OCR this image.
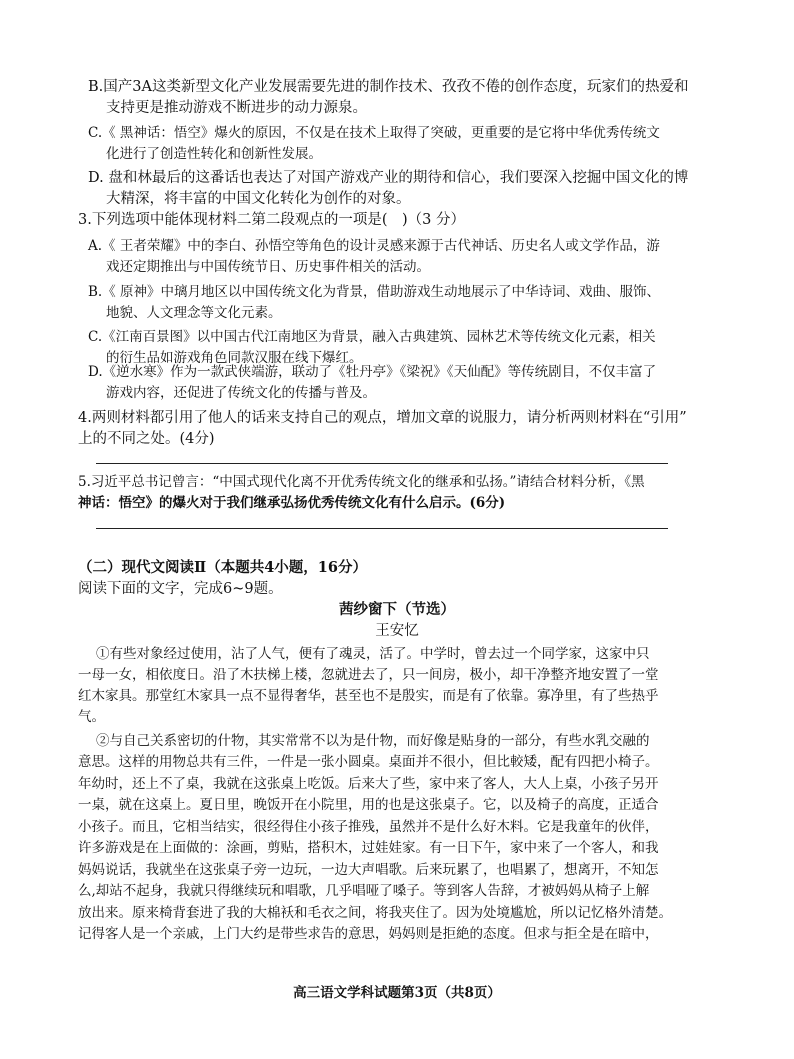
B.国产3A这类新型文化产业发展需要先进的制作技术、孜孜不倦的创作态度，玩家们的热爱和
支持更是推动游戏不断进步的动力源泉。
C.《 黑神话：悟空》爆火的原因，不仅是在技术上取得了突破，更重要的是它将中华优秀传统文
化进行了创造性转化和创新性发展。
D. 盘和林最后的这番话也表达了对国产游戏产业的期待和信心，我们要深入挖掘中国文化的博
大精深，将丰富的中国文化转化为创作的对象。
3.下列选项中能体现材料二第二段观点的一项是(　)（3 分）
A.《 王者荣耀》中的李白、孙悟空等角色的设计灵感来源于古代神话、历史名人或文学作品，游
戏还定期推出与中国传统节日、历史事件相关的活动。
B.《 原神》中璃月地区以中国传统文化为背景，借助游戏生动地展示了中华诗词、戏曲、服饰、
地貌、人文理念等文化元素。
C.《江南百景图》以中国古代江南地区为背景，融入古典建筑、园林艺术等传统文化元素，相关
的衍生品如游戏角色同款汉服在线下爆红。
D.《逆水寒》作为一款武侠端游，联动了《牡丹亭》《梁祝》《天仙配》等传统剧目，不仅丰富了
游戏内容，还促进了传统文化的传播与普及。
4.两则材料都引用了他人的话来支持自己的观点，增加文章的说服力，请分析两则材料在“引用”
上的不同之处。(4分)
5.习近平总书记曾言：“中国式现代化离不开优秀传统文化的继承和弘扬。”请结合材料分析，《黑
神话：悟空》的爆火对于我们继承弘扬优秀传统文化有什么启示。(6分)
（二）现代文阅读Ⅱ（本题共4小题，16分）
阅读下面的文字，完成6~9题。
茜纱窗下（节选）
王安忆
①有些对象经过使用，沾了人气，便有了魂灵，活了。中学时，曾去过一个同学家，这家中只
一母一女，相依度日。沿了木扶梯上楼，忽就进去了，只一间房，极小，却干净整齐地安置了一堂
红木家具。那堂红木家具一点不显得奢华，甚至也不是殷实，而是有了依靠。寡净里，有了些热乎
气。
②与自己关系密切的什物，其实常常不以为是什物，而好像是贴身的一部分，有些水乳交融的
意思。这样的用物总共有三件，一件是一张小圆桌。桌面并不很小，但比較矮，配有四把小椅子。
年幼时，还上不了桌，我就在这张桌上吃饭。后来大了些，家中来了客人，大人上桌，小孩子另开
一桌，就在这桌上。夏日里，晚饭开在小院里，用的也是这张桌子。它，以及椅子的高度，正适合
小孩子。而且，它相当结实，很经得住小孩子推残，虽然并不是什么好木料。它是我童年的伙伴，
许多游戏是在上面做的：涂画，剪贴，搭积木，过娃娃家。有一日下午，家中来了一个客人，和我
妈妈说话，我就坐在这张桌子旁一边玩，一边大声唱歌。后来玩累了，也唱累了，想离开，不知怎
么,却站不起身，我就只得继续玩和唱歌，几乎唱哑了嗓子。等到客人告辞，才被妈妈从椅子上解
放出来。原来椅背套进了我的大棉袄和毛衣之间，将我夹住了。因为处境尴尬，所以记忆格外清楚。
记得客人是一个亲戚，上门大约是带些求告的意思，妈妈则是拒絶的态度。但求与拒全是在暗中，
高三语文学科试题第3页（共8页）
